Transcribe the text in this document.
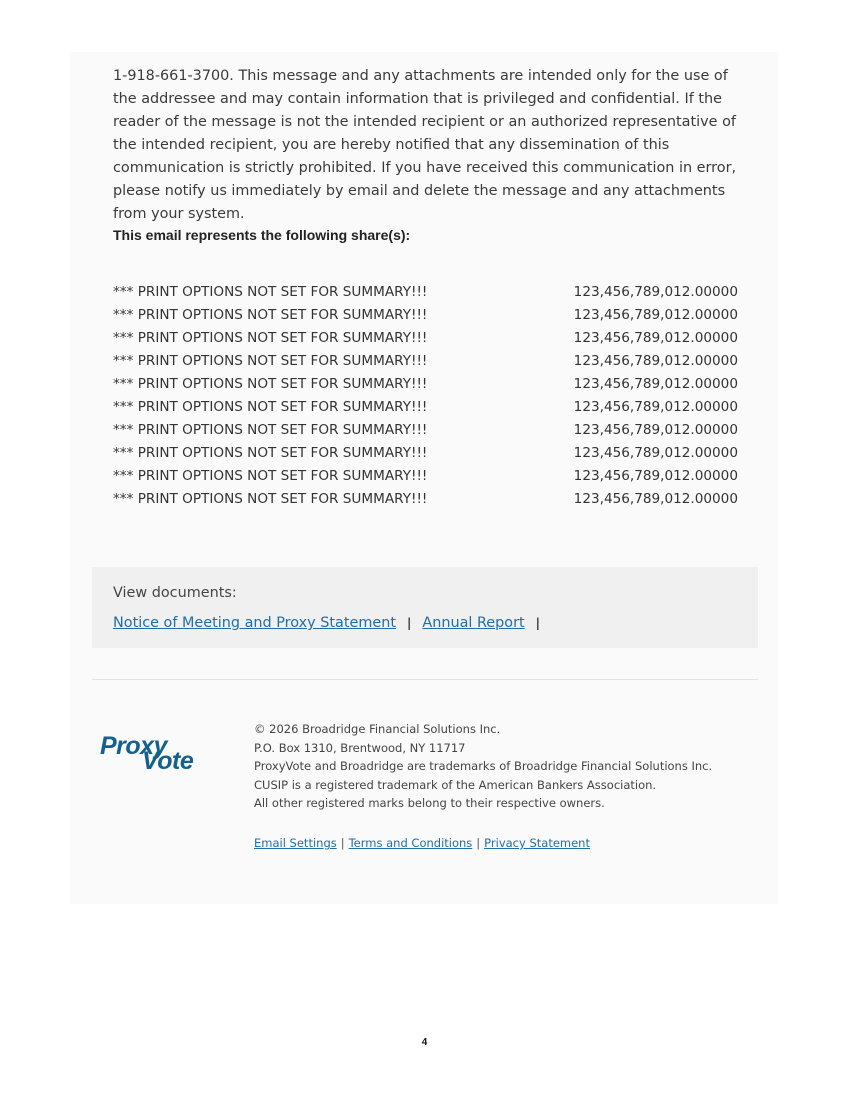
1-918-661-3700. This message and any attachments are intended only for the use of the addressee and may contain information that is privileged and confidential. If the reader of the message is not the intended recipient or an authorized representative of the intended recipient, you are hereby notified that any dissemination of this communication is strictly prohibited. If you have received this communication in error, please notify us immediately by email and delete the message and any attachments from your system.

This email represents the following share(s):
*** PRINT OPTIONS NOT SET FOR SUMMARY!!!	123,456,789,012.00000
*** PRINT OPTIONS NOT SET FOR SUMMARY!!!	123,456,789,012.00000
*** PRINT OPTIONS NOT SET FOR SUMMARY!!!	123,456,789,012.00000
*** PRINT OPTIONS NOT SET FOR SUMMARY!!!	123,456,789,012.00000
*** PRINT OPTIONS NOT SET FOR SUMMARY!!!	123,456,789,012.00000
*** PRINT OPTIONS NOT SET FOR SUMMARY!!!	123,456,789,012.00000
*** PRINT OPTIONS NOT SET FOR SUMMARY!!!	123,456,789,012.00000
*** PRINT OPTIONS NOT SET FOR SUMMARY!!!	123,456,789,012.00000
*** PRINT OPTIONS NOT SET FOR SUMMARY!!!	123,456,789,012.00000
*** PRINT OPTIONS NOT SET FOR SUMMARY!!!	123,456,789,012.00000
View documents:
Notice of Meeting and Proxy Statement | Annual Report |
Proxy
Vote
© 2026 Broadridge Financial Solutions Inc.
P.O. Box 1310, Brentwood, NY 11717
ProxyVote and Broadridge are trademarks of Broadridge Financial Solutions Inc.
CUSIP is a registered trademark of the American Bankers Association.
All other registered marks belong to their respective owners.
Email Settings | Terms and Conditions | Privacy Statement
4
